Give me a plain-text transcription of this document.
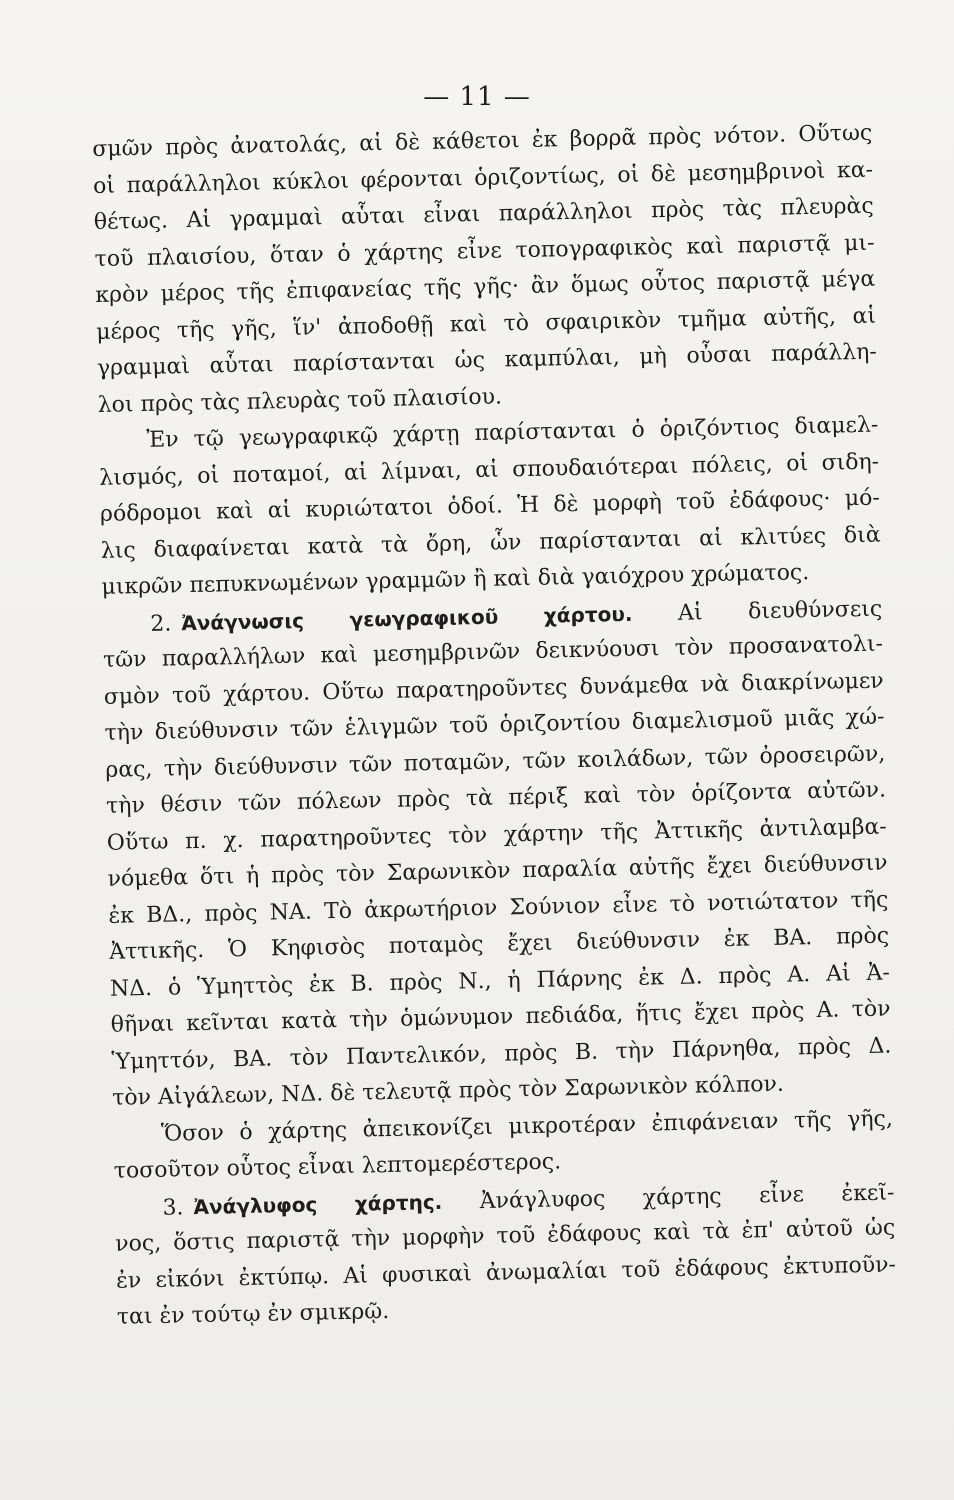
— 11 —
σμῶν πρὸς ἀνατολάς, αἱ δὲ κάθετοι ἐκ βορρᾶ πρὸς νότον. Οὕτως
οἱ παράλληλοι κύκλοι φέρονται ὁριζοντίως, οἱ δὲ μεσημβρινοὶ κα-
θέτως. Αἱ γραμμαὶ αὗται εἶναι παράλληλοι πρὸς τὰς πλευρὰς
τοῦ πλαισίου, ὅταν ὁ χάρτης εἶνε τοπογραφικὸς καὶ παριστᾷ μι-
κρὸν μέρος τῆς ἐπιφανείας τῆς γῆς· ἂν ὅμως οὗτος παριστᾷ μέγα
μέρος τῆς γῆς, ἵν' ἀποδοθῇ καὶ τὸ σφαιρικὸν τμῆμα αὐτῆς, αἱ
γραμμαὶ αὗται παρίστανται ὡς καμπύλαι, μὴ οὖσαι παράλλη-
λοι πρὸς τὰς πλευρὰς τοῦ πλαισίου.
Ἐν τῷ γεωγραφικῷ χάρτῃ παρίστανται ὁ ὁριζόντιος διαμελ-
λισμός, οἱ ποταμοί, αἱ λίμναι, αἱ σπουδαιότεραι πόλεις, οἱ σιδη-
ρόδρομοι καὶ αἱ κυριώτατοι ὁδοί. Ἡ δὲ μορφὴ τοῦ ἐδάφους· μό-
λις διαφαίνεται κατὰ τὰ ὄρη, ὧν παρίστανται αἱ κλιτύες διὰ
μικρῶν πεπυκνωμένων γραμμῶν ἢ καὶ διὰ γαιόχρου χρώματος.
2. Ἀνάγνωσις γεωγραφικοῦ χάρτου. Αἱ διευθύνσεις
τῶν παραλλήλων καὶ μεσημβρινῶν δεικνύουσι τὸν προσανατολι-
σμὸν τοῦ χάρτου. Οὕτω παρατηροῦντες δυνάμεθα νὰ διακρίνωμεν
τὴν διεύθυνσιν τῶν ἑλιγμῶν τοῦ ὁριζοντίου διαμελισμοῦ μιᾶς χώ-
ρας, τὴν διεύθυνσιν τῶν ποταμῶν, τῶν κοιλάδων, τῶν ὀροσειρῶν,
τὴν θέσιν τῶν πόλεων πρὸς τὰ πέριξ καὶ τὸν ὁρίζοντα αὐτῶν.
Οὕτω π. χ. παρατηροῦντες τὸν χάρτην τῆς Ἀττικῆς ἀντιλαμβα-
νόμεθα ὅτι ἡ πρὸς τὸν Σαρωνικὸν παραλία αὐτῆς ἔχει διεύθυνσιν
ἐκ ΒΔ., πρὸς ΝΑ. Τὸ ἀκρωτήριον Σούνιον εἶνε τὸ νοτιώτατον τῆς
Ἀττικῆς. Ὁ Κηφισὸς ποταμὸς ἔχει διεύθυνσιν ἐκ ΒΑ. πρὸς
ΝΔ. ὁ Ὑμηττὸς ἐκ Β. πρὸς Ν., ἡ Πάρνης ἐκ Δ. πρὸς Α. Αἱ Ἀ-
θῆναι κεῖνται κατὰ τὴν ὁμώνυμον πεδιάδα, ἥτις ἔχει πρὸς Α. τὸν
Ὑμηττόν, ΒΑ. τὸν Παντελικόν, πρὸς Β. τὴν Πάρνηθα, πρὸς Δ.
τὸν Αἰγάλεων, ΝΔ. δὲ τελευτᾷ πρὸς τὸν Σαρωνικὸν κόλπον.
Ὅσον ὁ χάρτης ἀπεικονίζει μικροτέραν ἐπιφάνειαν τῆς γῆς,
τοσοῦτον οὗτος εἶναι λεπτομερέστερος.
3. Ἀνάγλυφος χάρτης. Ἀνάγλυφος χάρτης εἶνε ἐκεῖ-
νος, ὅστις παριστᾷ τὴν μορφὴν τοῦ ἐδάφους καὶ τὰ ἐπ' αὐτοῦ ὡς
ἐν εἰκόνι ἐκτύπῳ. Αἱ φυσικαὶ ἀνωμαλίαι τοῦ ἐδάφους ἐκτυποῦν-
ται ἐν τούτῳ ἐν σμικρῷ.
